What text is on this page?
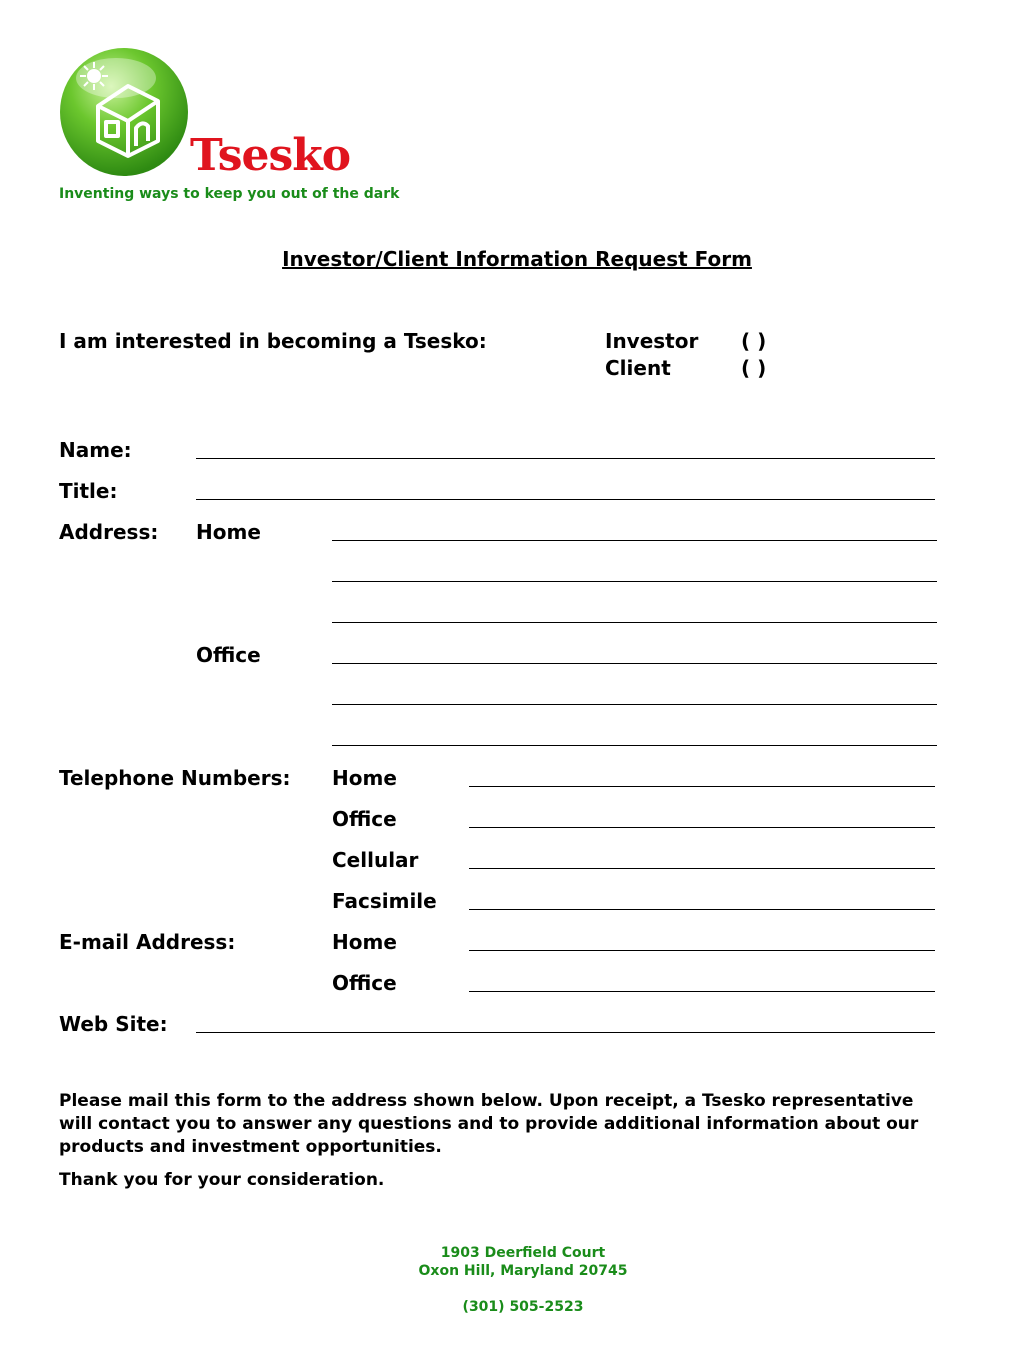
Tsesko
Inventing ways to keep you out of the dark
Investor/Client Information Request Form
I am interested in becoming a Tsesko:	Investor ( )
Client	( )
Name:
Title:
Address: Home
Office
Telephone Numbers: Home
Office
Cellular
Facsimile
E-mail Address:	Home
Office
Web Site:
Please mail this form to the address shown below. Upon receipt, a Tsesko representative will contact you to answer any questions and to provide additional information about our products and investment opportunities.
Thank you for your consideration.
1903 Deerfield Court
Oxon Hill, Maryland 20745
(301) 505-2523
